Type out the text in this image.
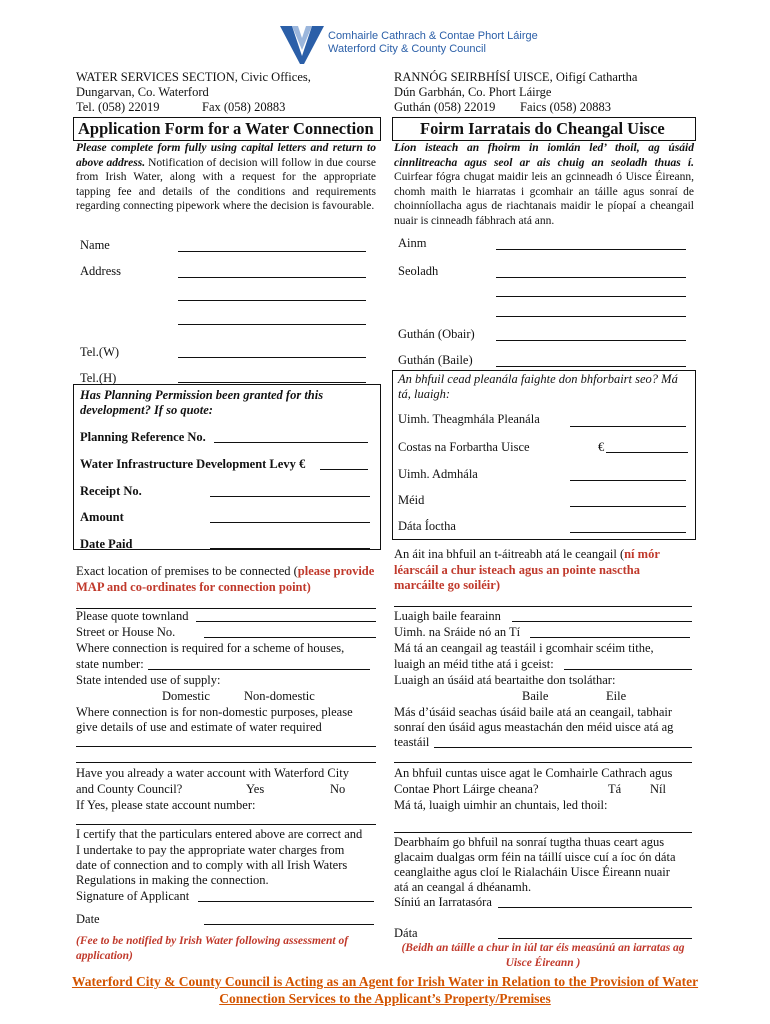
Comhairle Cathrach & Contae Phort Láirge
Waterford City & County Council
WATER SERVICES SECTION, Civic Offices,
Dungarvan, Co. Waterford
Tel. (058) 22019	Fax (058) 20883
RANNÓG SEIRBHÍSÍ UISCE, Oifigí Cathartha
Dún Garbhán, Co. Phort Láirge
Guthán (058) 22019 Faics (058) 20883
Application Form for a Water Connection	Foirm Iarratais do Cheangal Uisce
Please complete form fully using capital letters and return to above address. Notification of decision will follow in due course from Irish Water, along with a request for the appropriate tapping fee and details of the conditions and requirements regarding connecting pipework where the decision is favourable.
Líon isteach an fhoirm in iomlán led’ thoil, ag úsáid cinnlitreacha agus seol ar ais chuig an seoladh thuas í. Cuirfear fógra chugat maidir leis an gcinneadh ó Uisce Éireann, chomh maith le hiarratas i gcomhair an táille agus sonraí de choinníollacha agus de riachtanais maidir le píopaí a cheangail nuair is cinneadh fábhrach atá ann.
Name
Address
Tel.(W)
Tel.(H)
Ainm
Seoladh
Guthán (Obair)
Guthán (Baile)
Has Planning Permission been granted for this development? If so quote:
Planning Reference No.
Water Infrastructure Development Levy €
Receipt No.
Amount
Date Paid
An bhfuil cead pleanála faighte don bhforbairt seo? Má tá, luaigh:
Uimh. Theagmhála Pleanála
Costas na Forbartha Uisce	€
Uimh. Admhála
Méid
Dáta Íoctha
Exact location of premises to be connected (please provide MAP and co-ordinates for connection point)
Please quote townland
Street or House No.
Where connection is required for a scheme of houses,
state number:
State intended use of supply:
Domestic	Non-domestic
Where connection is for non-domestic purposes, please
give details of use and estimate of water required
An áit ina bhfuil an t-áitreabh atá le ceangail (ní mór léarscáil a chur isteach agus an pointe nasctha marcáilte go soiléir)
Luaigh baile fearainn
Uimh. na Sráide nó an Tí
Má tá an ceangail ag teastáil i gcomhair scéim tithe,
luaigh an méid tithe atá i gceist:
Luaigh an úsáid atá beartaithe don tsoláthar:
Baile	Eile
Más d’úsáid seachas úsáid baile atá an ceangail, tabhair
sonraí den úsáid agus meastachán den méid uisce atá ag
teastáil
Have you already a water account with Waterford City
and County Council?	Yes	No
If Yes, please state account number:
An bhfuil cuntas uisce agat le Comhairle Cathrach agus
Contae Phort Láirge cheana?	Tá Níl
Má tá, luaigh uimhir an chuntais, led thoil:
I certify that the particulars entered above are correct and
I undertake to pay the appropriate water charges from
date of connection and to comply with all Irish Waters
Regulations in making the connection.
Signature of Applicant
Date
(Fee to be notified by Irish Water following assessment of application)
Dearbhaím go bhfuil na sonraí tugtha thuas ceart agus
glacaim dualgas orm féin na táillí uisce cuí a íoc ón dáta
ceanglaithe agus cloí le Rialacháin Uisce Éireann nuair
atá an ceangal á dhéanamh.
Síniú an Iarratasóra
Dáta
(Beidh an táille a chur in iúl tar éis measúnú an iarratas ag Uisce Éireann )
Waterford City & County Council is Acting as an Agent for Irish Water in Relation to the Provision of Water Connection Services to the Applicant’s Property/Premises
